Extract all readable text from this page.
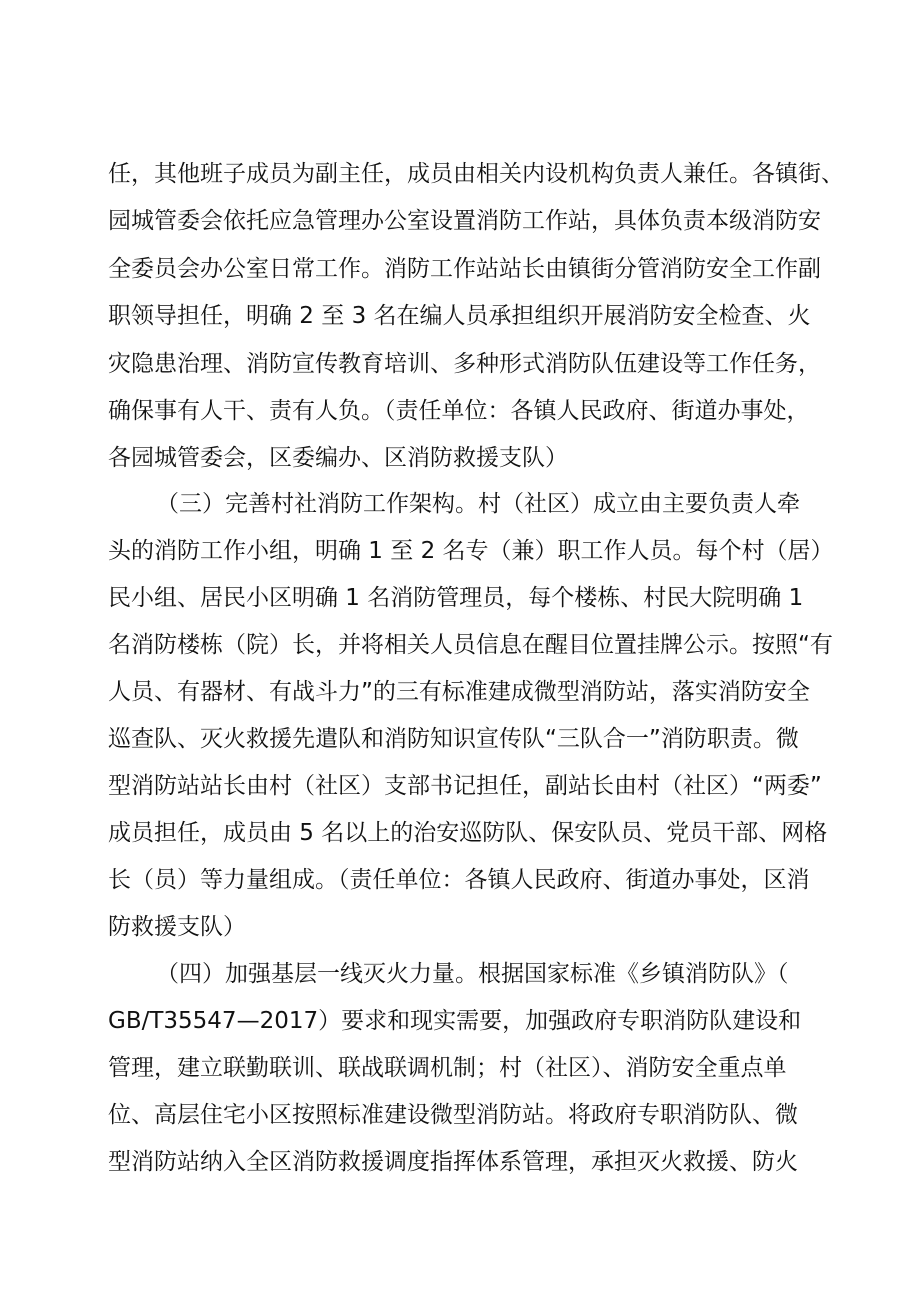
任，其他班子成员为副主任，成员由相关内设机构负责人兼任。各镇街、
园城管委会依托应急管理办公室设置消防工作站，具体负责本级消防安
全委员会办公室日常工作。消防工作站站长由镇街分管消防安全工作副
职领导担任，明确 2 至 3 名在编人员承担组织开展消防安全检查、火
灾隐患治理、消防宣传教育培训、多种形式消防队伍建设等工作任务，
确保事有人干、责有人负。（责任单位：各镇人民政府、街道办事处，
各园城管委会，区委编办、区消防救援支队）
（三）完善村社消防工作架构。村（社区）成立由主要负责人牵
头的消防工作小组，明确 1 至 2 名专（兼）职工作人员。每个村（居）
民小组、居民小区明确 1 名消防管理员，每个楼栋、村民大院明确 1
名消防楼栋（院）长，并将相关人员信息在醒目位置挂牌公示。按照“有
人员、有器材、有战斗力”的三有标准建成微型消防站，落实消防安全
巡查队、灭火救援先遣队和消防知识宣传队“三队合一”消防职责。微
型消防站站长由村（社区）支部书记担任，副站长由村（社区）“两委”
成员担任，成员由 5 名以上的治安巡防队、保安队员、党员干部、网格
长（员）等力量组成。（责任单位：各镇人民政府、街道办事处，区消
防救援支队）
（四）加强基层一线灭火力量。根据国家标准《乡镇消防队》（
GB/T35547—2017）要求和现实需要，加强政府专职消防队建设和
管理，建立联勤联训、联战联调机制；村（社区）、消防安全重点单
位、高层住宅小区按照标准建设微型消防站。将政府专职消防队、微
型消防站纳入全区消防救援调度指挥体系管理，承担灭火救援、防火
